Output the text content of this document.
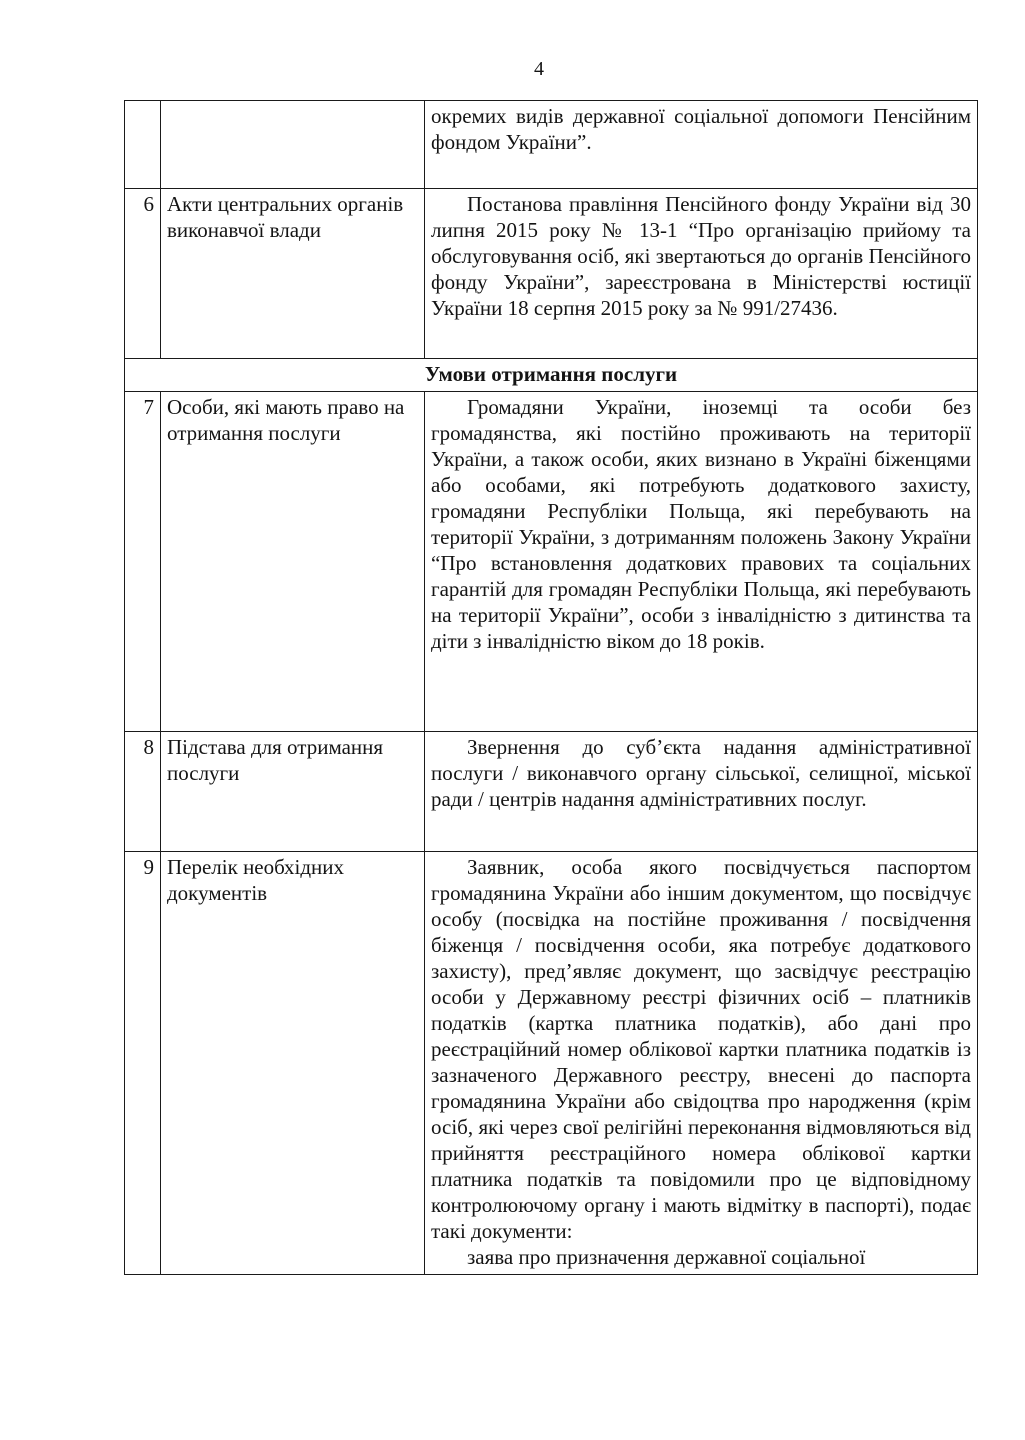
4

		окремих видів державної соціальної допомоги Пенсійним фондом України”.

6	Акти центральних органів виконавчої влади	Постанова правління Пенсійного фонду України від 30 липня 2015 року № 13-1 “Про організацію прийому та обслуговування осіб, які звертаються до органів Пенсійного фонду України”, зареєстрована в Міністерстві юстиції України 18 серпня 2015 року за № 991/27436.

Умови отримання послуги		
7	Особи, які мають право на отримання послуги	Громадяни України, іноземці та особи без громадянства, які постійно проживають на території України, а також особи, яких визнано в Україні біженцями або особами, які потребують додаткового захисту, громадяни Республіки Польща, які перебувають на території України, з дотриманням положень Закону України “Про встановлення додаткових правових та соціальних гарантій для громадян Республіки Польща, які перебувають на території України”, особи з інвалідністю з дитинства та діти з інвалідністю віком до 18 років.

8	Підстава для отримання послуги	Звернення до суб’єкта надання адміністративної послуги / виконавчого органу сільської, селищної, міської ради / центрів надання адміністративних послуг.

9	Перелік необхідних документів	Заявник, особа якого посвідчується паспортом громадянина України або іншим документом, що посвідчує особу (посвідка на постійне проживання / посвідчення біженця / посвідчення особи, яка потребує додаткового захисту), пред’являє документ, що засвідчує реєстрацію особи у Державному реєстрі фізичних осіб – платників податків (картка платника податків), або дані про реєстраційний номер облікової картки платника податків із зазначеного Державного реєстру, внесені до паспорта громадянина України або свідоцтва про народження (крім осіб, які через свої релігійні переконання відмовляються від прийняття реєстраційного номера облікової картки платника податків та повідомили про це відповідному контролюючому органу і мають відмітку в паспорті), подає такі документи:

заява про призначення державної соціальної
